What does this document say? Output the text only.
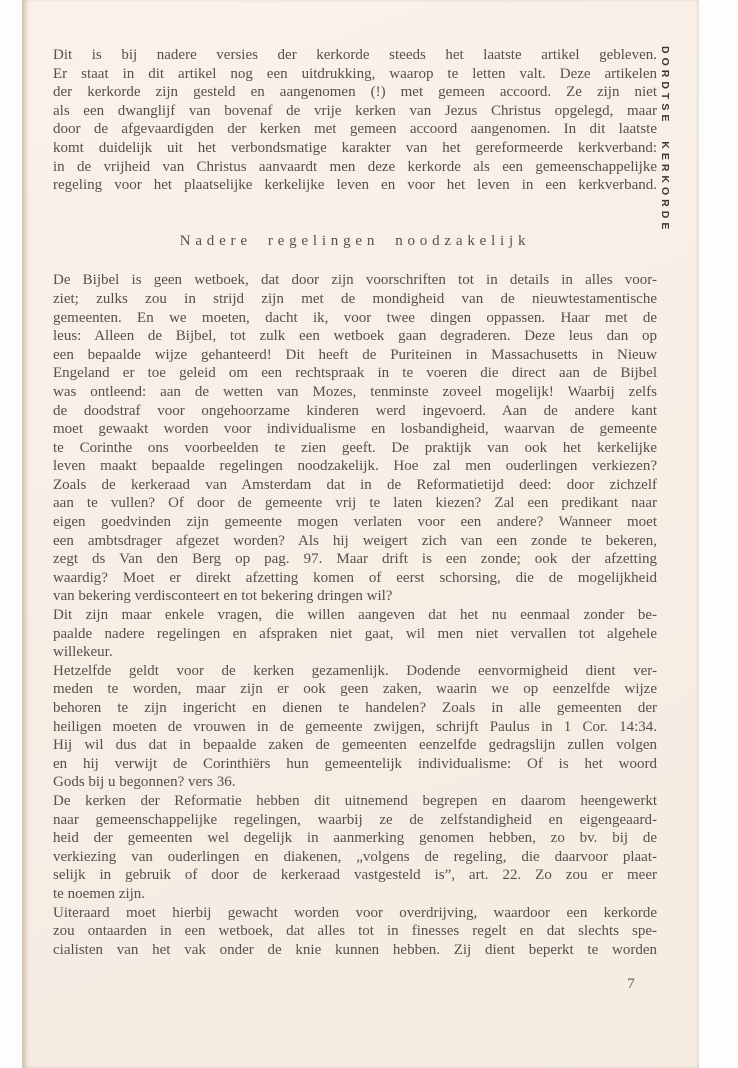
Dit is bij nadere versies der kerkorde steeds het laatste artikel gebleven.
Er staat in dit artikel nog een uitdrukking, waarop te letten valt. Deze artikelen
der kerkorde zijn gesteld en aangenomen (!) met gemeen accoord. Ze zijn niet
als een dwanglijf van bovenaf de vrije kerken van Jezus Christus opgelegd, maar
door de afgevaardigden der kerken met gemeen accoord aangenomen. In dit laatste
komt duidelijk uit het verbondsmatige karakter van het gereformeerde kerkverband:
in de vrijheid van Christus aanvaardt men deze kerkorde als een gemeenschappelijke
regeling voor het plaatselijke kerkelijke leven en voor het leven in een kerkverband.
Nadere regelingen noodzakelijk
De Bijbel is geen wetboek, dat door zijn voorschriften tot in details in alles voor-
ziet; zulks zou in strijd zijn met de mondigheid van de nieuwtestamentische
gemeenten. En we moeten, dacht ik, voor twee dingen oppassen. Haar met de
leus: Alleen de Bijbel, tot zulk een wetboek gaan degraderen. Deze leus dan op
een bepaalde wijze gehanteerd! Dit heeft de Puriteinen in Massachusetts in Nieuw
Engeland er toe geleid om een rechtspraak in te voeren die direct aan de Bijbel
was ontleend: aan de wetten van Mozes, tenminste zoveel mogelijk! Waarbij zelfs
de doodstraf voor ongehoorzame kinderen werd ingevoerd. Aan de andere kant
moet gewaakt worden voor individualisme en losbandigheid, waarvan de gemeente
te Corinthe ons voorbeelden te zien geeft. De praktijk van ook het kerkelijke
leven maakt bepaalde regelingen noodzakelijk. Hoe zal men ouderlingen verkiezen?
Zoals de kerkeraad van Amsterdam dat in de Reformatietijd deed: door zichzelf
aan te vullen? Of door de gemeente vrij te laten kiezen? Zal een predikant naar
eigen goedvinden zijn gemeente mogen verlaten voor een andere? Wanneer moet
een ambtsdrager afgezet worden? Als hij weigert zich van een zonde te bekeren,
zegt ds Van den Berg op pag. 97. Maar drift is een zonde; ook der afzetting
waardig? Moet er direkt afzetting komen of eerst schorsing, die de mogelijkheid
van bekering verdisconteert en tot bekering dringen wil?
Dit zijn maar enkele vragen, die willen aangeven dat het nu eenmaal zonder be-
paalde nadere regelingen en afspraken niet gaat, wil men niet vervallen tot algehele
willekeur.
Hetzelfde geldt voor de kerken gezamenlijk. Dodende eenvormigheid dient ver-
meden te worden, maar zijn er ook geen zaken, waarin we op eenzelfde wijze
behoren te zijn ingericht en dienen te handelen? Zoals in alle gemeenten der
heiligen moeten de vrouwen in de gemeente zwijgen, schrijft Paulus in 1 Cor. 14:34.
Hij wil dus dat in bepaalde zaken de gemeenten eenzelfde gedragslijn zullen volgen
en hij verwijt de Corinthiërs hun gemeentelijk individualisme: Of is het woord
Gods bij u begonnen? vers 36.
De kerken der Reformatie hebben dit uitnemend begrepen en daarom heengewerkt
naar gemeenschappelijke regelingen, waarbij ze de zelfstandigheid en eigengeaard-
heid der gemeenten wel degelijk in aanmerking genomen hebben, zo bv. bij de
verkiezing van ouderlingen en diakenen, „volgens de regeling, die daarvoor plaat-
selijk in gebruik of door de kerkeraad vastgesteld is”, art. 22. Zo zou er meer
te noemen zijn.
Uiteraard moet hierbij gewacht worden voor overdrijving, waardoor een kerkorde
zou ontaarden in een wetboek, dat alles tot in finesses regelt en dat slechts spe-
cialisten van het vak onder de knie kunnen hebben. Zij dient beperkt te worden
DORDTSE KERKORDE
7
